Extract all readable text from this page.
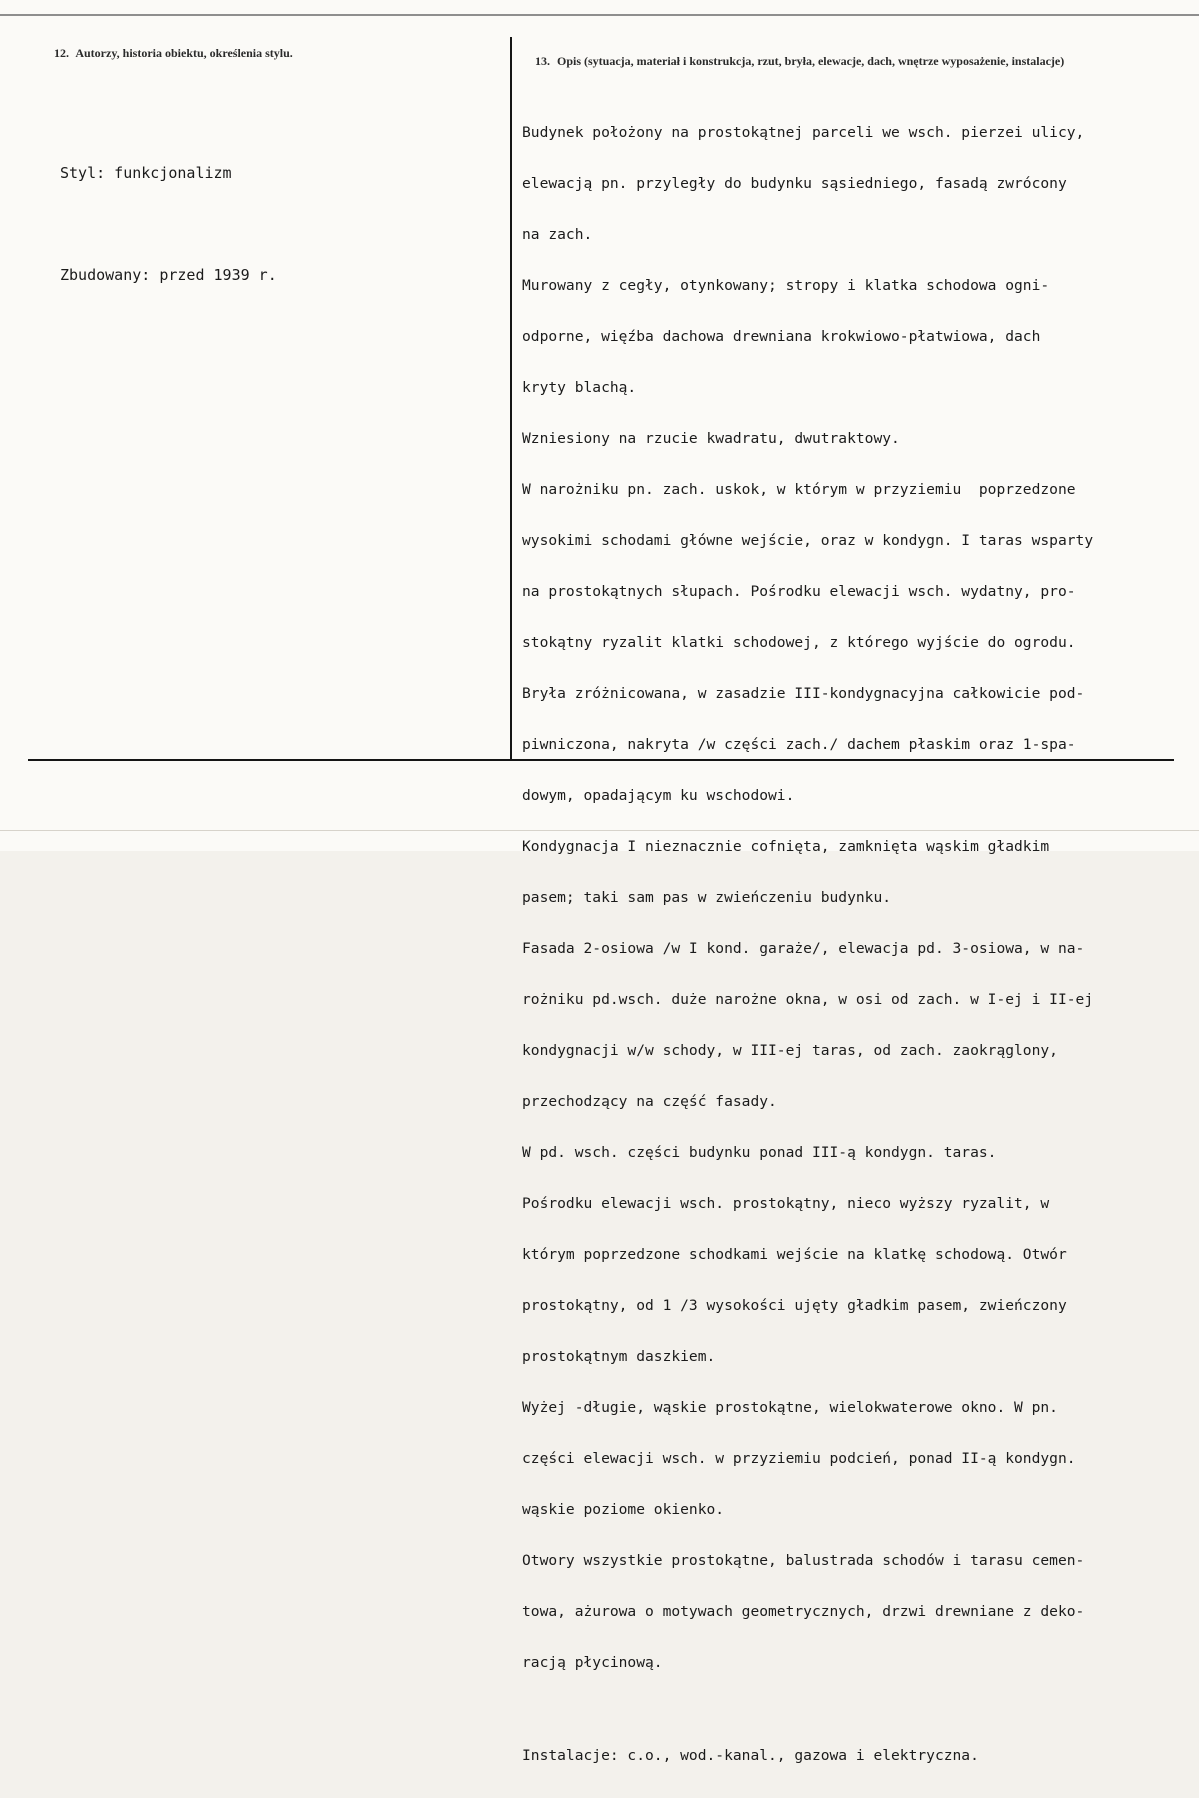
12. Autorzy, historia obiektu, określenia stylu.
13. Opis (sytuacja, materiał i konstrukcja, rzut, bryła, elewacje, dach, wnętrze wyposażenie, instalacje)

Styl: funkcjonalizm

Zbudowany: przed 1939 r.

Budynek położony na prostokątnej parceli we wsch. pierzei ulicy,

elewacją pn. przyległy do budynku sąsiedniego, fasadą zwrócony

na zach.

Murowany z cegły, otynkowany; stropy i klatka schodowa ogni-

odporne, więźba dachowa drewniana krokwiowo-płatwiowa, dach

kryty blachą.

Wzniesiony na rzucie kwadratu, dwutraktowy.

W narożniku pn. zach. uskok, w którym w przyziemiu  poprzedzone

wysokimi schodami główne wejście, oraz w kondygn. I taras wsparty

na prostokątnych słupach. Pośrodku elewacji wsch. wydatny, pro-

stokątny ryzalit klatki schodowej, z którego wyjście do ogrodu.

Bryła zróżnicowana, w zasadzie III-kondygnacyjna całkowicie pod-

piwniczona, nakryta /w części zach./ dachem płaskim oraz 1-spa-

dowym, opadającym ku wschodowi.

Kondygnacja I nieznacznie cofnięta, zamknięta wąskim gładkim

pasem; taki sam pas w zwieńczeniu budynku.

Fasada 2-osiowa /w I kond. garaże/, elewacja pd. 3-osiowa, w na-

rożniku pd.wsch. duże narożne okna, w osi od zach. w I-ej i II-ej

kondygnacji w/w schody, w III-ej taras, od zach. zaokrąglony,

przechodzący na część fasady.

W pd. wsch. części budynku ponad III-ą kondygn. taras.

Pośrodku elewacji wsch. prostokątny, nieco wyższy ryzalit, w

którym poprzedzone schodkami wejście na klatkę schodową. Otwór

prostokątny, od 1 /3 wysokości ujęty gładkim pasem, zwieńczony

prostokątnym daszkiem.

Wyżej -długie, wąskie prostokątne, wielokwaterowe okno. W pn.

części elewacji wsch. w przyziemiu podcień, ponad II-ą kondygn.

wąskie poziome okienko.

Otwory wszystkie prostokątne, balustrada schodów i tarasu cemen-

towa, ażurowa o motywach geometrycznych, drzwi drewniane z deko-

racją płycinową.

Instalacje: c.o., wod.-kanal., gazowa i elektryczna.
